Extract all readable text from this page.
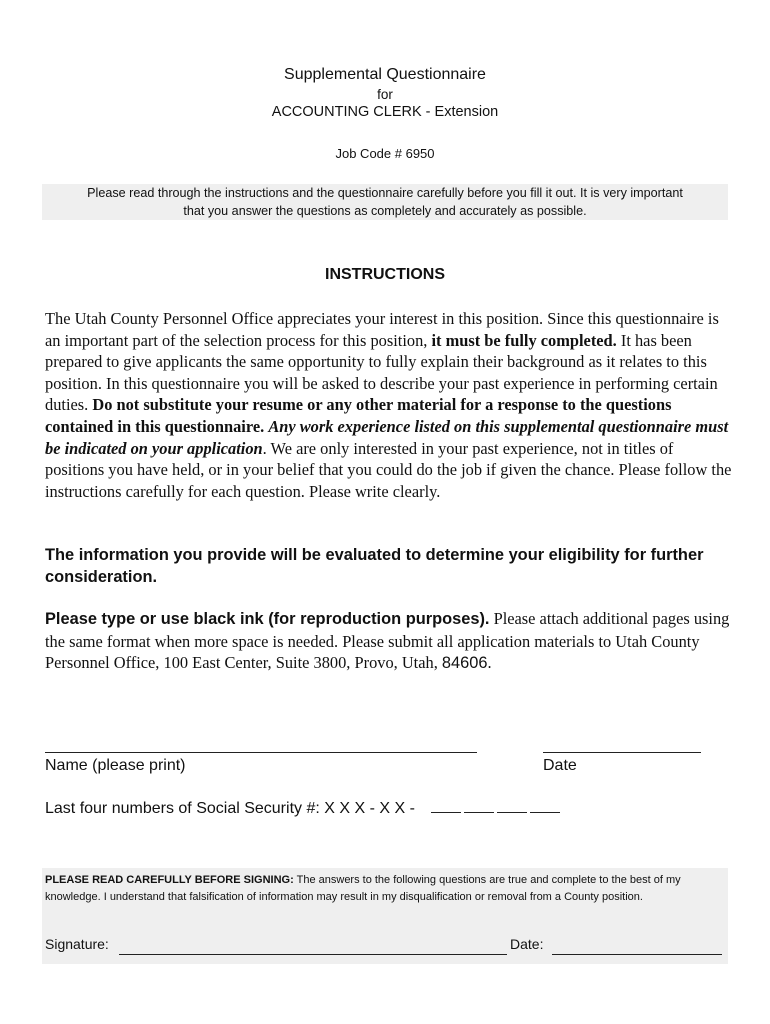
Supplemental Questionnaire
for
ACCOUNTING CLERK - Extension
Job Code # 6950
Please read through the instructions and the questionnaire carefully before you fill it out. It is very important
that you answer the questions as completely and accurately as possible.
INSTRUCTIONS
The Utah County Personnel Office appreciates your interest in this position. Since this questionnaire is an important part of the selection process for this position, it must be fully completed. It has been prepared to give applicants the same opportunity to fully explain their background as it relates to this position. In this questionnaire you will be asked to describe your past experience in performing certain duties. Do not substitute your resume or any other material for a response to the questions contained in this questionnaire. Any work experience listed on this supplemental questionnaire must be indicated on your application. We are only interested in your past experience, not in titles of positions you have held, or in your belief that you could do the job if given the chance. Please follow the instructions carefully for each question. Please write clearly.
The information you provide will be evaluated to determine your eligibility for further consideration.
Please type or use black ink (for reproduction purposes). Please attach additional pages using the same format when more space is needed. Please submit all application materials to Utah County Personnel Office, 100 East Center, Suite 3800, Provo, Utah, 84606.
Name (please print)	Date
Last four numbers of Social Security #: X X X - X X -
PLEASE READ CAREFULLY BEFORE SIGNING: The answers to the following questions are true and complete to the best of my knowledge. I understand that falsification of information may result in my disqualification or removal from a County position.
Signature:	Date:
